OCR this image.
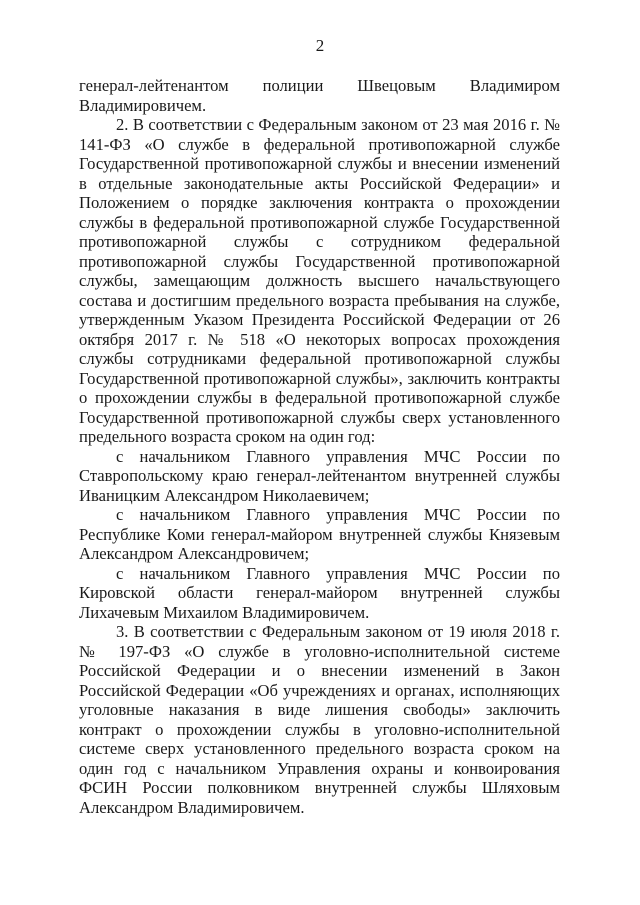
2

генерал-лейтенантом полиции Швецовым Владимиром Владимировичем.

2. В соответствии с Федеральным законом от 23 мая 2016 г. № 141-ФЗ «О службе в федеральной противопожарной службе Государственной противопожарной службы и внесении изменений в отдельные законодательные акты Российской Федерации» и Положением о порядке заключения контракта о прохождении службы в федеральной противопожарной службе Государственной противопожарной службы с сотрудником федеральной противопожарной службы Государственной противопожарной службы, замещающим должность высшего начальствующего состава и достигшим предельного возраста пребывания на службе, утвержденным Указом Президента Российской Федерации от 26 октября 2017 г. № 518 «О некоторых вопросах прохождения службы сотрудниками федеральной противопожарной службы Государственной противопожарной службы», заключить контракты о прохождении службы в федеральной противопожарной службе Государственной противопожарной службы сверх установленного предельного возраста сроком на один год:

с начальником Главного управления МЧС России по Ставропольскому краю генерал-лейтенантом внутренней службы Иваницким Александром Николаевичем;

с начальником Главного управления МЧС России по Республике Коми генерал-майором внутренней службы Князевым Александром Александровичем;

с начальником Главного управления МЧС России по Кировской области генерал-майором внутренней службы Лихачевым Михаилом Владимировичем.

3. В соответствии с Федеральным законом от 19 июля 2018 г. № 197-ФЗ «О службе в уголовно-исполнительной системе Российской Федерации и о внесении изменений в Закон Российской Федерации «Об учреждениях и органах, исполняющих уголовные наказания в виде лишения свободы» заключить контракт о прохождении службы в уголовно-исполнительной системе сверх установленного предельного возраста сроком на один год с начальником Управления охраны и конвоирования ФСИН России полковником внутренней службы Шляховым Александром Владимировичем.
